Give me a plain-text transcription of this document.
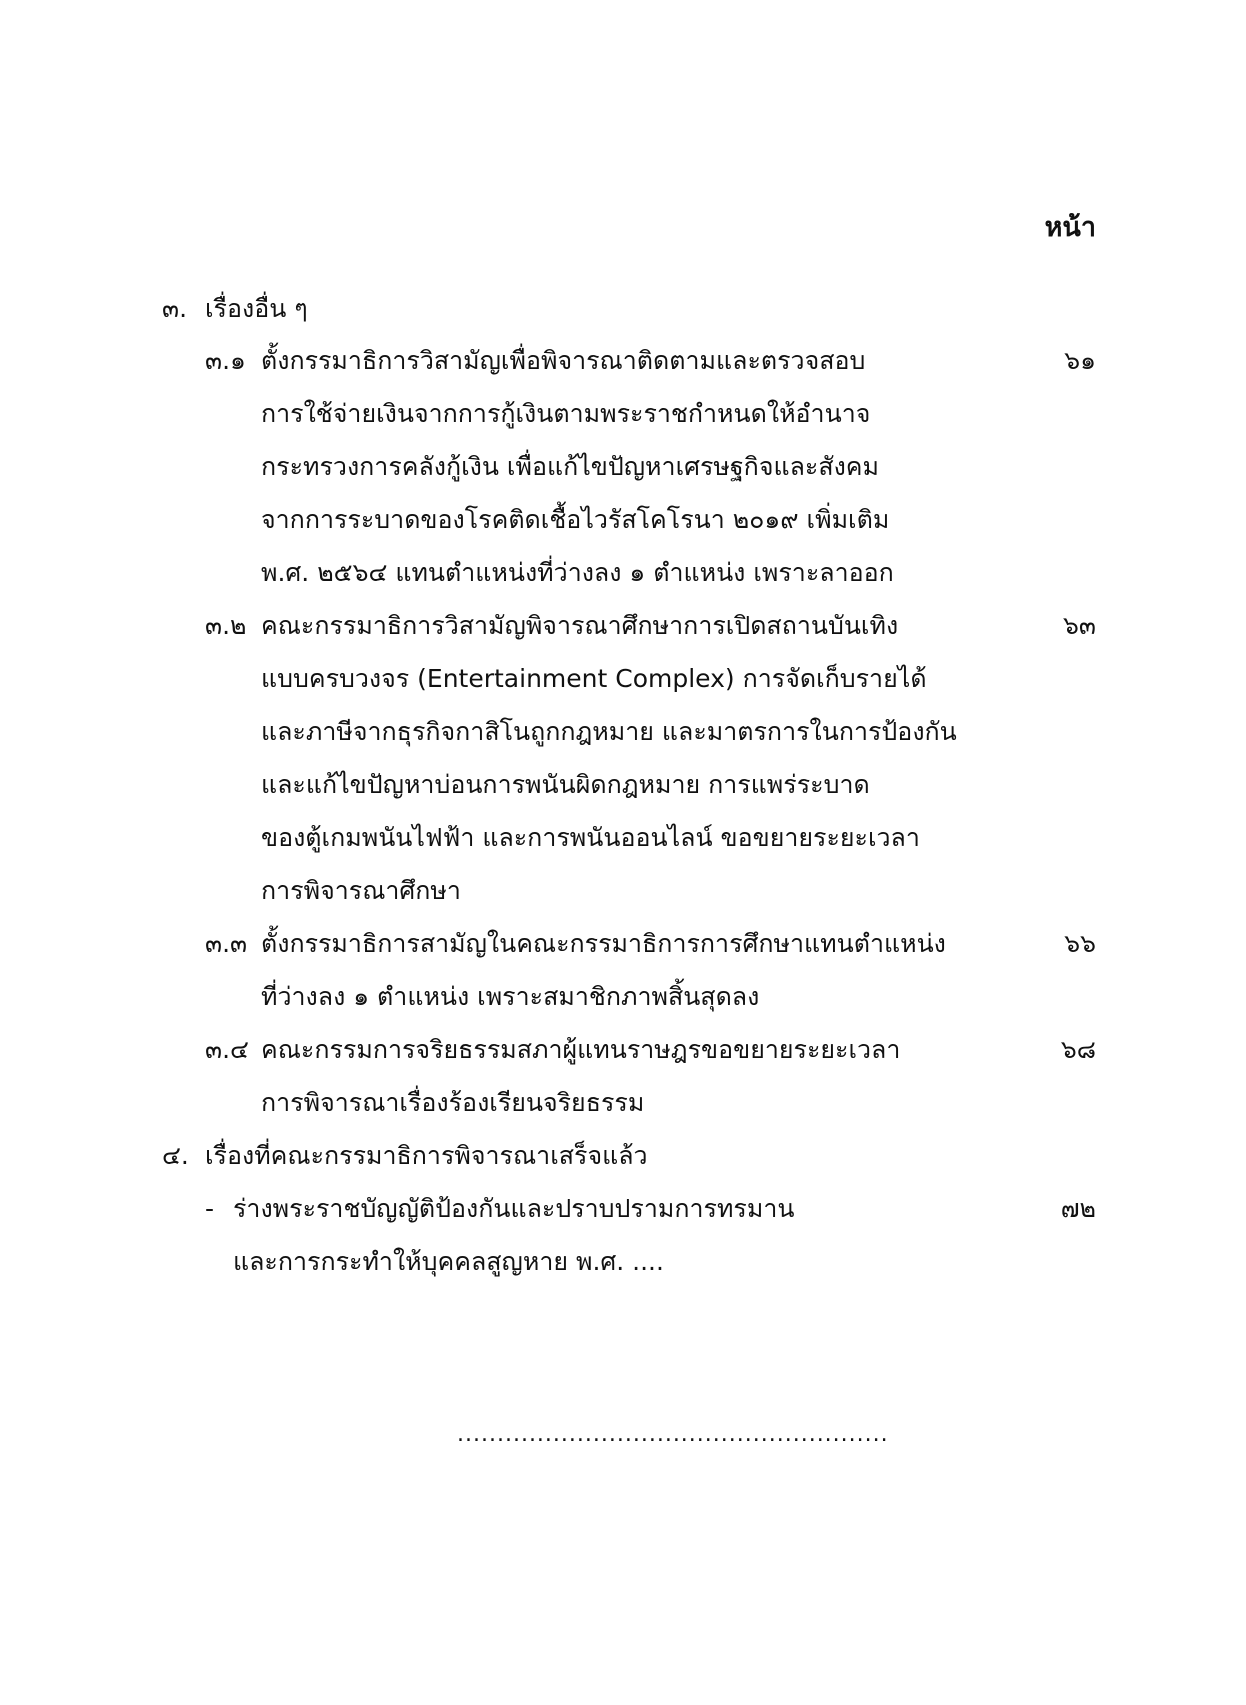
หน้า
๓. เรื่องอื่น ๆ
๓.๑ ตั้งกรรมาธิการวิสามัญเพื่อพิจารณาติดตามและตรวจสอบ
การใช้จ่ายเงินจากการกู้เงินตามพระราชกำหนดให้อำนาจ
กระทรวงการคลังกู้เงิน เพื่อแก้ไขปัญหาเศรษฐกิจและสังคม
จากการระบาดของโรคติดเชื้อไวรัสโคโรนา ๒๐๑๙ เพิ่มเติม
พ.ศ. ๒๕๖๔ แทนตำแหน่งที่ว่างลง ๑ ตำแหน่ง เพราะลาออก
๖๑
๓.๒ คณะกรรมาธิการวิสามัญพิจารณาศึกษาการเปิดสถานบันเทิง
แบบครบวงจร (Entertainment Complex) การจัดเก็บรายได้
และภาษีจากธุรกิจกาสิโนถูกกฎหมาย และมาตรการในการป้องกัน
และแก้ไขปัญหาบ่อนการพนันผิดกฎหมาย การแพร่ระบาด
ของตู้เกมพนันไฟฟ้า และการพนันออนไลน์ ขอขยายระยะเวลา
การพิจารณาศึกษา
๖๓
๓.๓ ตั้งกรรมาธิการสามัญในคณะกรรมาธิการการศึกษาแทนตำแหน่ง
ที่ว่างลง ๑ ตำแหน่ง เพราะสมาชิกภาพสิ้นสุดลง
๖๖
๓.๔ คณะกรรมการจริยธรรมสภาผู้แทนราษฎรขอขยายระยะเวลา
การพิจารณาเรื่องร้องเรียนจริยธรรม
๖๘
๔. เรื่องที่คณะกรรมาธิการพิจารณาเสร็จแล้ว
- ร่างพระราชบัญญัติป้องกันและปราบปรามการทรมาน
และการกระทำให้บุคคลสูญหาย พ.ศ. ....
๗๒
......................................................
